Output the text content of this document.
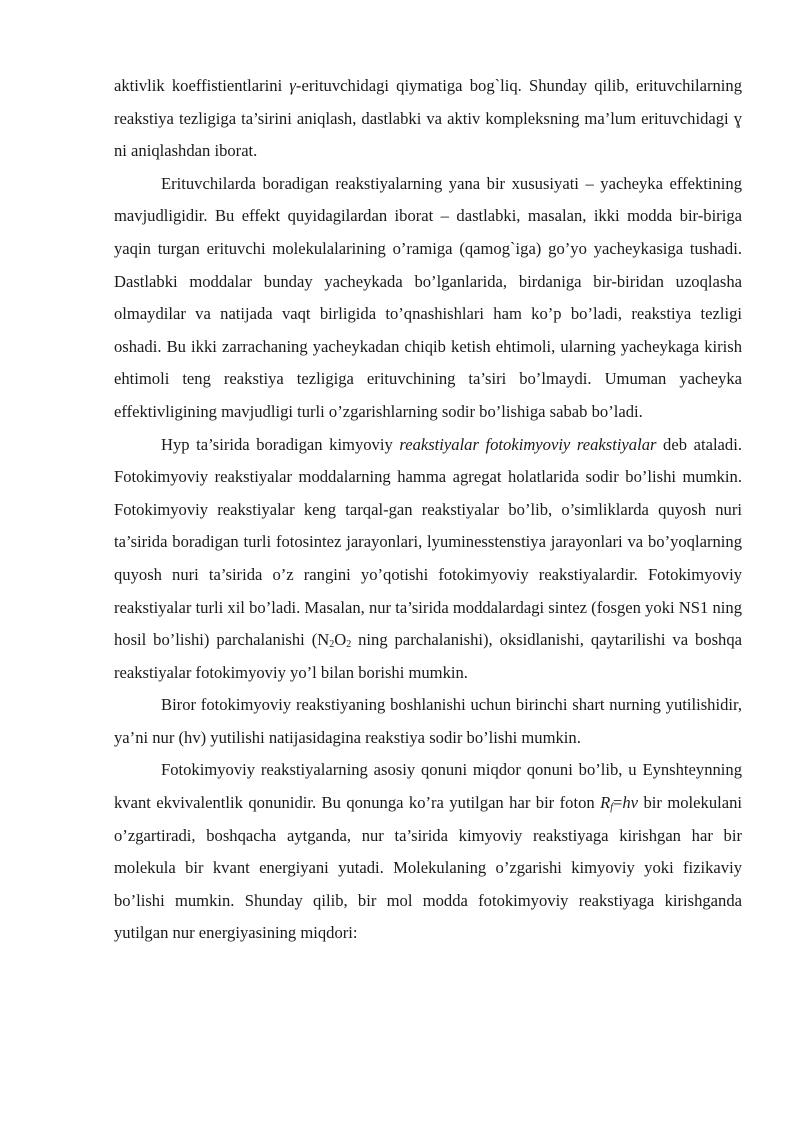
aktivlik koeffistientlarini γ-erituvchidagi qiymatiga bog`liq. Shunday qilib, erituvchilarning reakstiya tezligiga ta’sirini aniqlash, dastlabki va aktiv kompleksning ma’lum erituvchidagi ɣ ni aniqlashdan iborat.

Erituvchilarda boradigan reakstiyalarning yana bir xususiyati – yacheyka effektining mavjudligidir. Bu effekt quyidagilardan iborat – dastlabki, masalan, ikki modda bir-biriga yaqin turgan erituvchi molekulalarining o’ramiga (qamog`iga) go’yo yacheykasiga tushadi. Dastlabki moddalar bunday yacheykada bo’lganlarida, birdaniga bir-biridan uzoqlasha olmaydilar va natijada vaqt birligida to’qnashishlari ham ko’p bo’ladi, reakstiya tezligi oshadi. Bu ikki zarrachaning yacheykadan chiqib ketish ehtimoli, ularning yacheykaga kirish ehtimoli teng reakstiya tezligiga erituvchining ta’siri bo’lmaydi. Umuman yacheyka effektivligining mavjudligi turli o’zgarishlarning sodir bo’lishiga sabab bo’ladi.

Hyp ta’sirida boradigan kimyoviy reakstiyalar fotokimyoviy reakstiyalar deb ataladi. Fotokimyoviy reakstiyalar moddalarning hamma agregat holatlarida sodir bo’lishi mumkin. Fotokimyoviy reakstiyalar keng tarqal-gan reakstiyalar bo’lib, o’simliklarda quyosh nuri ta’sirida boradigan turli fotosintez jarayonlari, lyuminesstenstiya jarayonlari va bo’yoqlarning quyosh nuri ta’sirida o’z rangini yo’qotishi fotokimyoviy reakstiyalardir. Fotokimyoviy reakstiyalar turli xil bo’ladi. Masalan, nur ta’sirida moddalardagi sintez (fosgen yoki NS1 ning hosil bo’lishi) parchalanishi ($N_2O_2$ ning parchalanishi), oksidlanishi, qaytarilishi va boshqa reakstiyalar fotokimyoviy yo’l bilan borishi mumkin.

Biror fotokimyoviy reakstiyaning boshlanishi uchun birinchi shart nurning yutilishidir, ya’ni nur (hv) yutilishi natijasidagina reakstiya sodir bo’lishi mumkin.

Fotokimyoviy reakstiyalarning asosiy qonuni miqdor qonuni bo’lib, u Eynshteynning kvant ekvivalentlik qonunidir. Bu qonunga ko’ra yutilgan har bir foton $R_f=h\nu$ bir molekulani o’zgartiradi, boshqacha aytganda, nur ta’sirida kimyoviy reakstiyaga kirishgan har bir molekula bir kvant energiyani yutadi. Molekulaning o’zgarishi kimyoviy yoki fizikaviy bo’lishi mumkin. Shunday qilib, bir mol modda fotokimyoviy reakstiyaga kirishganda yutilgan nur energiyasining miqdori:
